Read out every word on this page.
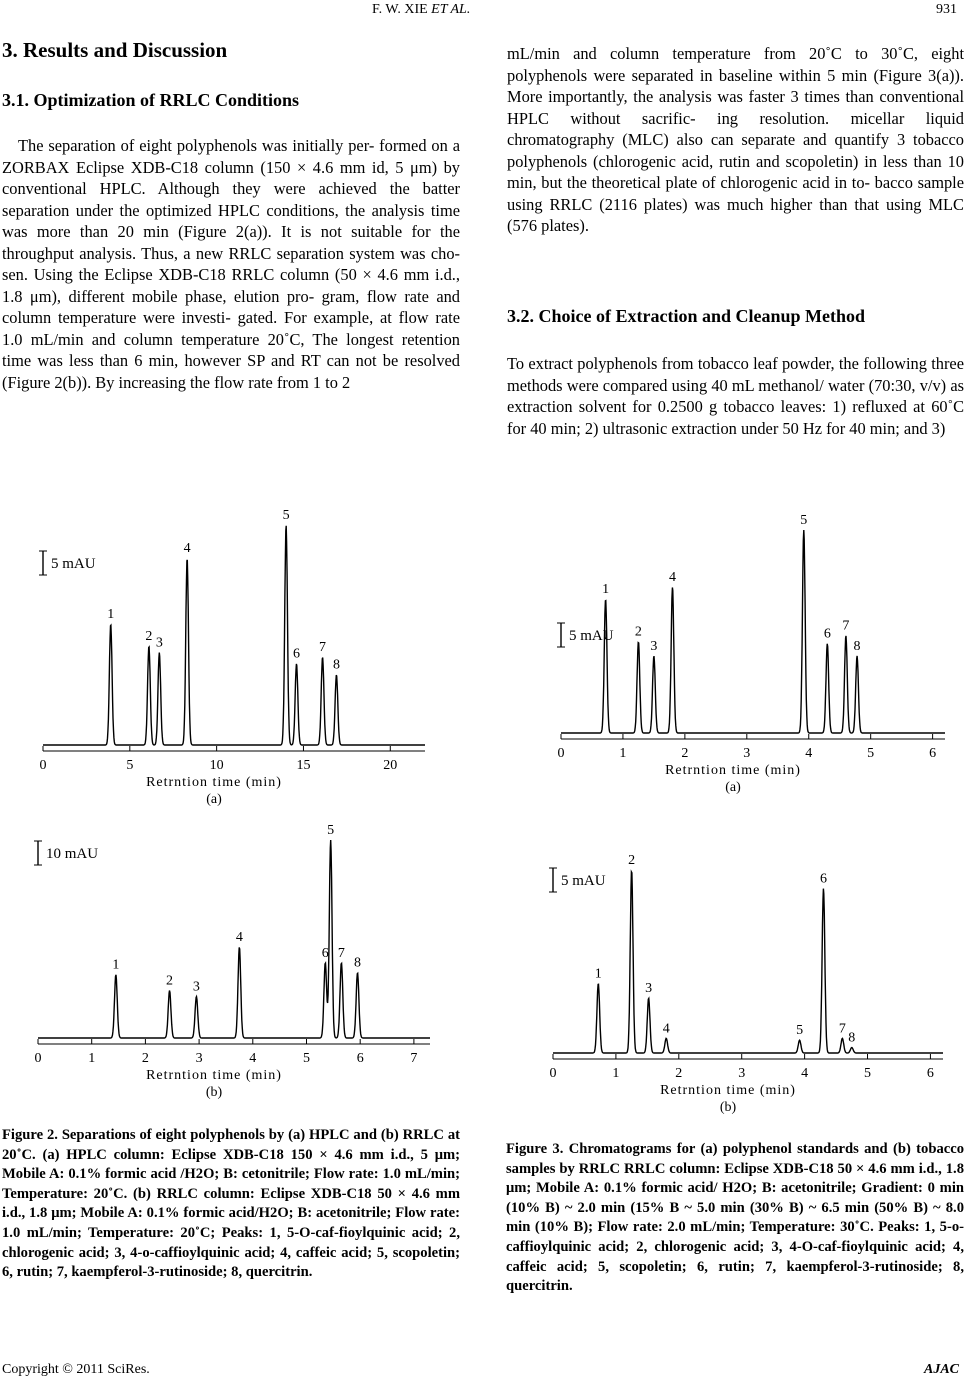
F. W. XIE ET AL.	931
3. Results and Discussion
3.1. Optimization of RRLC Conditions

The separation of eight polyphenols was initially per- formed on a ZORBAX Eclipse XDB-C18 column (150 × 4.6 mm id, 5 μm) by conventional HPLC. Although they were achieved the batter separation under the optimized HPLC conditions, the analysis time was more than 20 min (Figure 2(a)). It is not suitable for the throughput analysis. Thus, a new RRLC separation system was cho- sen. Using the Eclipse XDB-C18 RRLC column (50 × 4.6 mm i.d., 1.8 μm), different mobile phase, elution pro- gram, flow rate and column temperature were investi- gated. For example, at flow rate 1.0 mL/min and column temperature 20˚C, The longest retention time was less than 6 min, however SP and RT can not be resolved (Figure 2(b)). By increasing the flow rate from 1 to 2

mL/min and column temperature from 20˚C to 30˚C, eight polyphenols were separated in baseline within 5 min (Figure 3(a)). More importantly, the analysis was faster 3 times than conventional HPLC without sacrific- ing resolution. micellar liquid chromatography (MLC) also can separate and quantify 3 tobacco polyphenols (chlorogenic acid, rutin and scopoletin) in less than 10 min, but the theoretical plate of chlorogenic acid in to- bacco sample using RRLC (2116 plates) was much higher than that using MLC (576 plates).

3.2. Choice of Extraction and Cleanup Method

To extract polyphenols from tobacco leaf powder, the following three methods were compared using 40 mL methanol/ water (70:30, v/v) as extraction solvent for 0.2500 g tobacco leaves: 1) refluxed at 60˚C for 40 min; 2) ultrasonic extraction under 50 Hz for 40 min; and 3)

0	5	10	15	20
Retrntion time (min)
(a)
5 mAU
1
2 3
4
5
6 7
8
0	1	2	3	4	5	6	7
Retrntion time (min)
(b)
10 mAU
1
2 3
4
5
6 7
8
0	1	2	3	4	5	6
Retrntion time (min)
(a)
5 mAU
1
2
3
4
5
6
7
8
0	1	2	3	4	5	6
Retrntion time (min)
(b)
5 mAU
1
2
3
4	5
6
7
8
Figure 2. Separations of eight polyphenols by (a) HPLC and (b) RRLC at 20˚C. (a) HPLC column: Eclipse XDB-C18 150 × 4.6 mm i.d., 5 μm; Mobile A: 0.1% formic acid /H2O; B: cetonitrile; Flow rate: 1.0 mL/min; Temperature: 20˚C. (b) RRLC column: Eclipse XDB-C18 50 × 4.6 mm i.d., 1.8 μm; Mobile A: 0.1% formic acid/H2O; B: acetonitrile; Flow rate: 1.0 mL/min; Temperature: 20˚C; Peaks: 1, 5-O-caf-fioylquinic acid; 2, chlorogenic acid; 3, 4-o-caffioylquinic acid; 4, caffeic acid; 5, scopoletin; 6, rutin; 7, kaempferol-3-rutinoside; 8, quercitrin.
Figure 3. Chromatograms for (a) polyphenol standards and (b) tobacco samples by RRLC RRLC column: Eclipse XDB-C18 50 × 4.6 mm i.d., 1.8 μm; Mobile A: 0.1% formic acid/ H2O; B: acetonitrile; Gradient: 0 min (10% B) ~ 2.0 min (15% B ~ 5.0 min (30% B) ~ 6.5 min (50% B) ~ 8.0 min (10% B); Flow rate: 2.0 mL/min; Temperature: 30˚C. Peaks: 1, 5-o-caffioylquinic acid; 2, chlorogenic acid; 3, 4-O-caf-fioylquinic acid; 4, caffeic acid; 5, scopoletin; 6, rutin; 7, kaempferol-3-rutinoside; 8, quercitrin.
Copyright © 2011 SciRes.	AJAC
